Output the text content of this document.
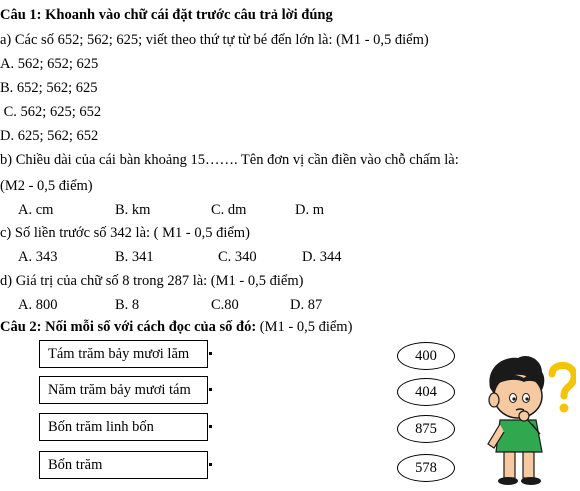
Câu 1: Khoanh vào chữ cái đặt trước câu trả lời đúng
a) Các số 652; 562; 625; viết theo thứ tự từ bé đến lớn là: (M1 - 0,5 điểm)
A. 562; 652; 625
B. 652; 562; 625
C. 562; 625; 652
D. 625; 562; 652
b) Chiều dài của cái bàn khoảng 15……. Tên đơn vị cần điền vào chỗ chấm là:
(M2 - 0,5 điểm)
A. cm	B. km	C. dm	D. m
c) Số liền trước số 342 là: ( M1 - 0,5 điểm)
A. 343	B. 341	C. 340	D. 344
d) Giá trị của chữ số 8 trong 287 là: (M1 - 0,5 điểm)
A. 800	B. 8	C.80	D. 87
Câu 2: Nối mỗi số với cách đọc của số đó: (M1 - 0,5 điểm)
Tám trăm bảy mươi lăm
Năm trăm bảy mươi tám
Bốn trăm linh bốn
Bốn trăm
400
404
875
578
